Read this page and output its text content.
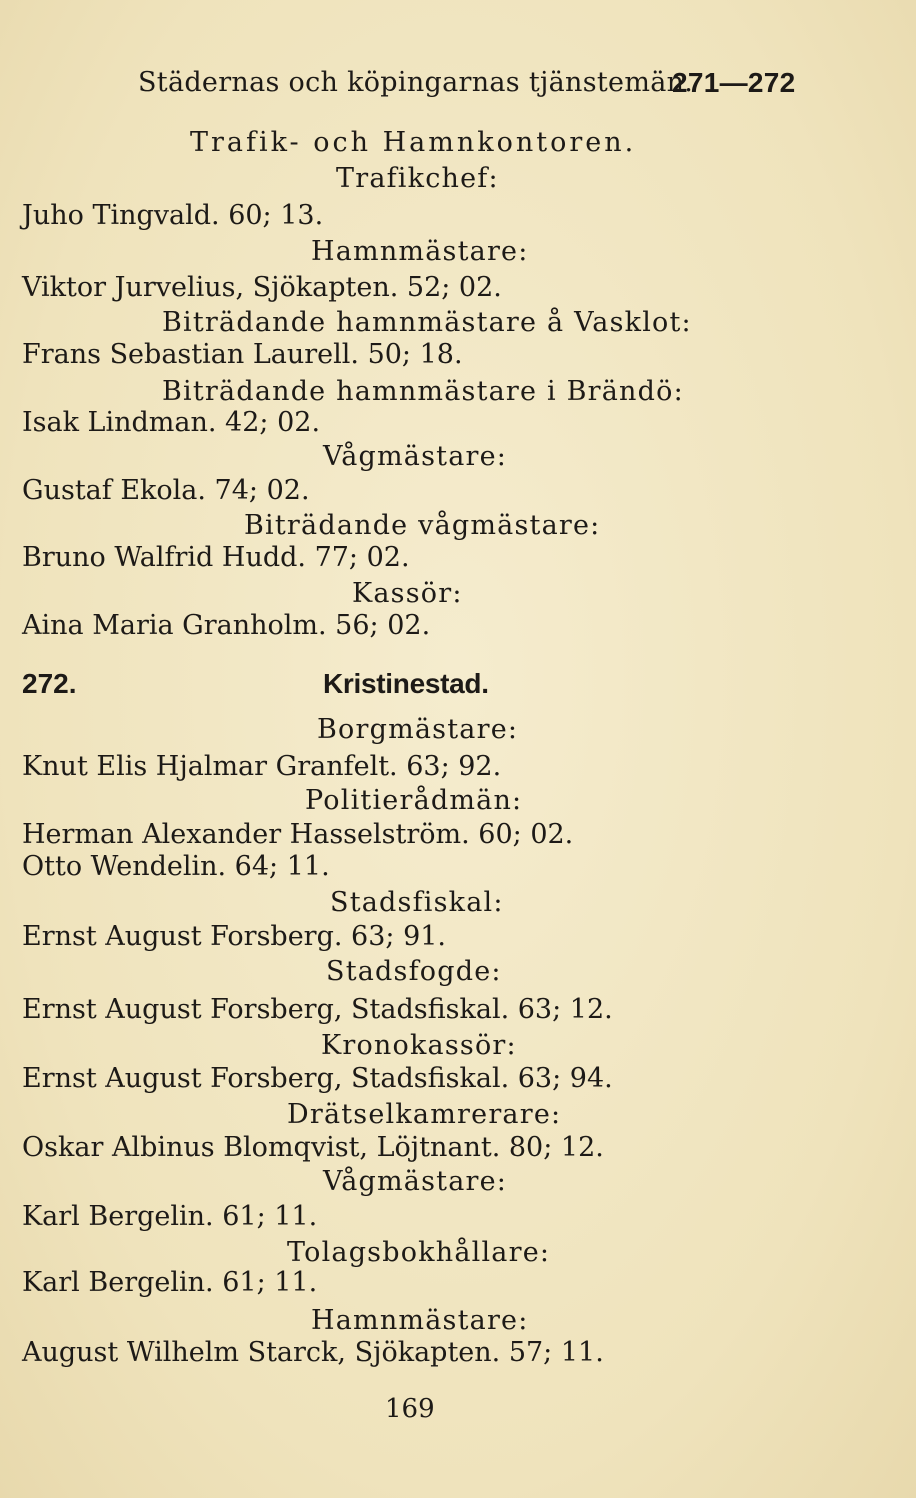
Städernas och köpingarnas tjänstemän.
271—272
Trafik- och Hamnkontoren.
Trafikchef:
Juho Tingvald. 60; 13.
Hamnmästare:
Viktor Jurvelius, Sjökapten. 52; 02.
Biträdande hamnmästare å Vasklot:
Frans Sebastian Laurell. 50; 18.
Biträdande hamnmästare i Brändö:
Isak Lindman. 42; 02.
Vågmästare:
Gustaf Ekola. 74; 02.
Biträdande vågmästare:
Bruno Walfrid Hudd. 77; 02.
Kassör:
Aina Maria Granholm. 56; 02.
272.	Kristinestad.
Borgmästare:
Knut Elis Hjalmar Granfelt. 63; 92.
Politierådmän:
Herman Alexander Hasselström. 60; 02.
Otto Wendelin. 64; 11.
Stadsfiskal:
Ernst August Forsberg. 63; 91.
Stadsfogde:
Ernst August Forsberg, Stadsfiskal. 63; 12.
Kronokassör:
Ernst August Forsberg, Stadsfiskal. 63; 94.
Drätselkamrerare:
Oskar Albinus Blomqvist, Löjtnant. 80; 12.
Vågmästare:
Karl Bergelin. 61; 11.
Tolagsbokhållare:
Karl Bergelin. 61; 11.
Hamnmästare:
August Wilhelm Starck, Sjökapten. 57; 11.
169
